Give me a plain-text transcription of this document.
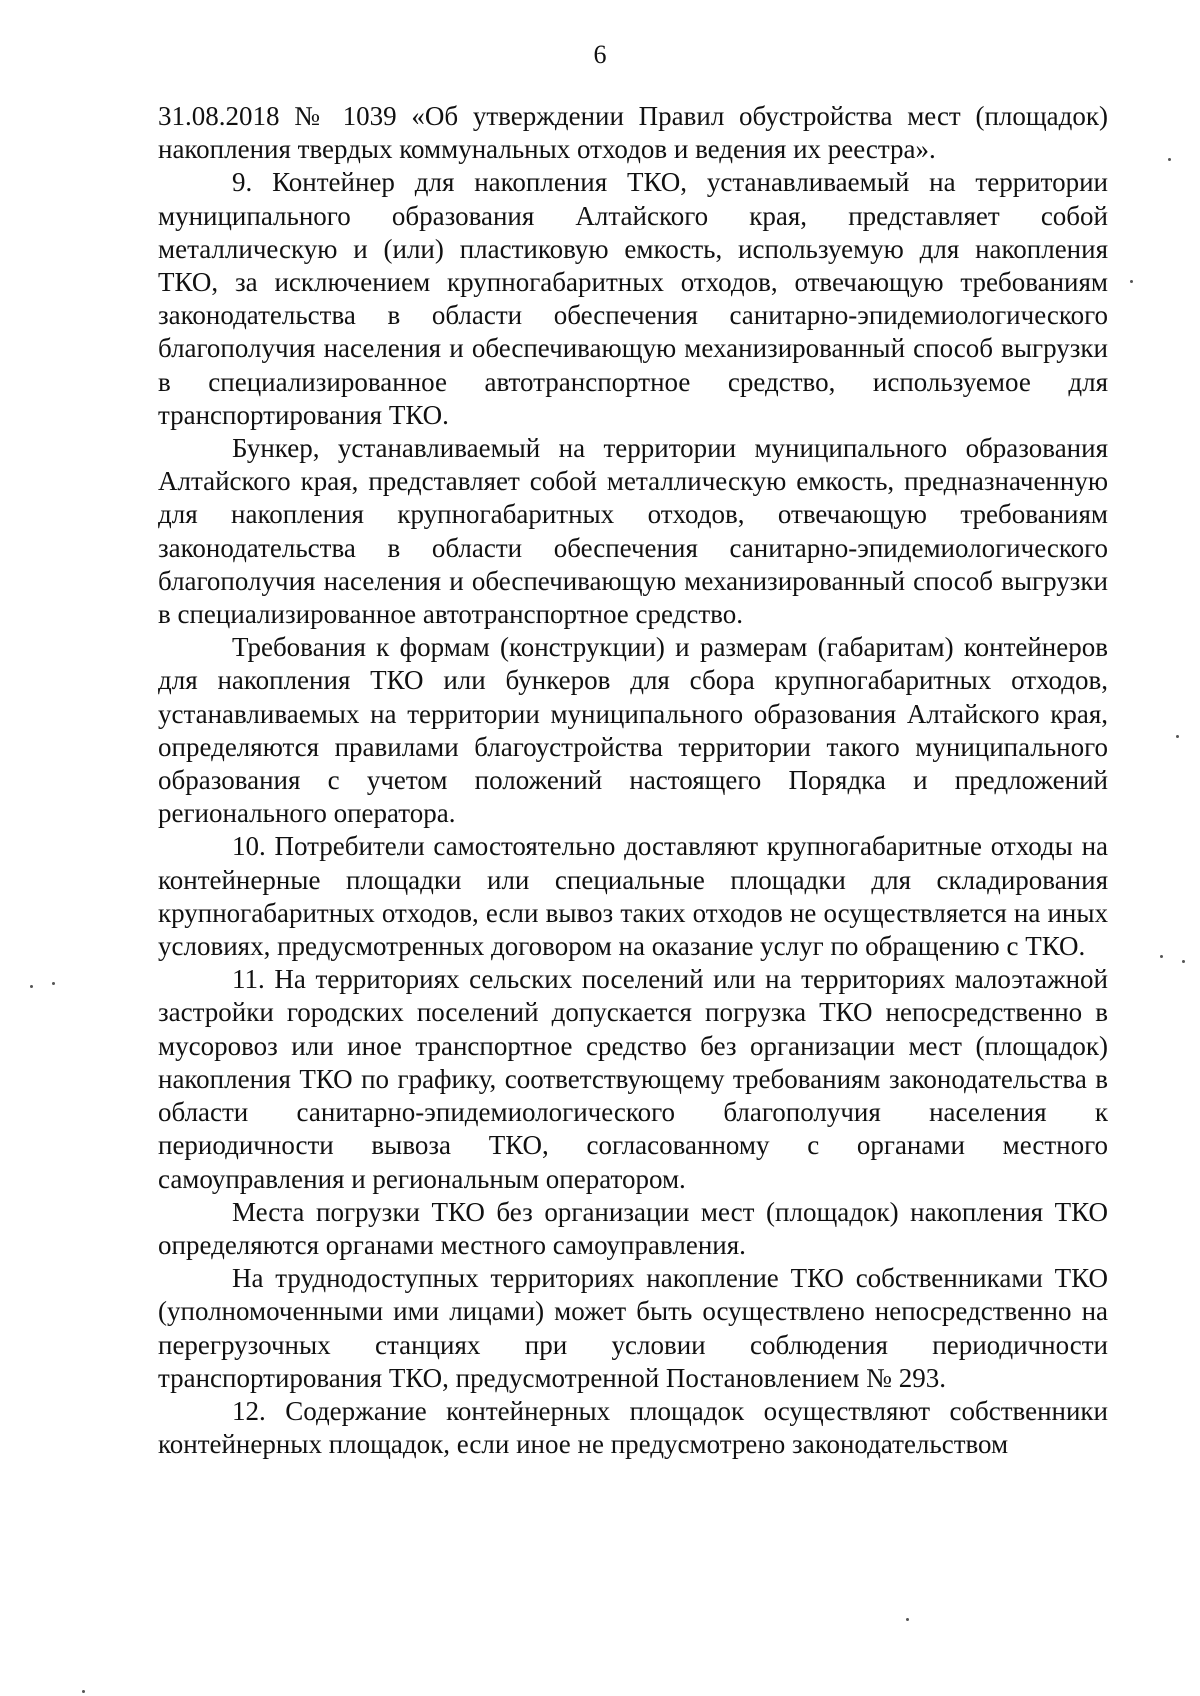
6

31.08.2018 № 1039 «Об утверждении Правил обустройства мест (площадок) накопления твердых коммунальных отходов и ведения их реестра».

9. Контейнер для накопления ТКО, устанавливаемый на территории муниципального образования Алтайского края, представляет собой металлическую и (или) пластиковую емкость, используемую для накопления ТКО, за исключением крупногабаритных отходов, отвечающую требованиям законодательства в области обеспечения санитарно-эпидемиологического благополучия населения и обеспечивающую механизированный способ выгрузки в специализированное автотранспортное средство, используемое для транспортирования ТКО.

Бункер, устанавливаемый на территории муниципального образования Алтайского края, представляет собой металлическую емкость, предназначенную для накопления крупногабаритных отходов, отвечающую требованиям законодательства в области обеспечения санитарно-эпидемиологического благополучия населения и обеспечивающую механизированный способ выгрузки в специализированное автотранспортное средство.

Требования к формам (конструкции) и размерам (габаритам) контейнеров для накопления ТКО или бункеров для сбора крупногабаритных отходов, устанавливаемых на территории муниципального образования Алтайского края, определяются правилами благоустройства территории такого муниципального образования с учетом положений настоящего Порядка и предложений регионального оператора.

10. Потребители самостоятельно доставляют крупногабаритные отходы на контейнерные площадки или специальные площадки для складирования крупногабаритных отходов, если вывоз таких отходов не осуществляется на иных условиях, предусмотренных договором на оказание услуг по обращению с ТКО.

11. На территориях сельских поселений или на территориях малоэтажной застройки городских поселений допускается погрузка ТКО непосредственно в мусоровоз или иное транспортное средство без организации мест (площадок) накопления ТКО по графику, соответствующему требованиям законодательства в области санитарно-эпидемиологического благополучия населения к периодичности вывоза ТКО, согласованному с органами местного самоуправления и региональным оператором.

Места погрузки ТКО без организации мест (площадок) накопления ТКО определяются органами местного самоуправления.

На труднодоступных территориях накопление ТКО собственниками ТКО (уполномоченными ими лицами) может быть осуществлено непосредственно на перегрузочных станциях при условии соблюдения периодичности транспортирования ТКО, предусмотренной Постановлением № 293.

12. Содержание контейнерных площадок осуществляют собственники контейнерных площадок, если иное не предусмотрено законодательством
